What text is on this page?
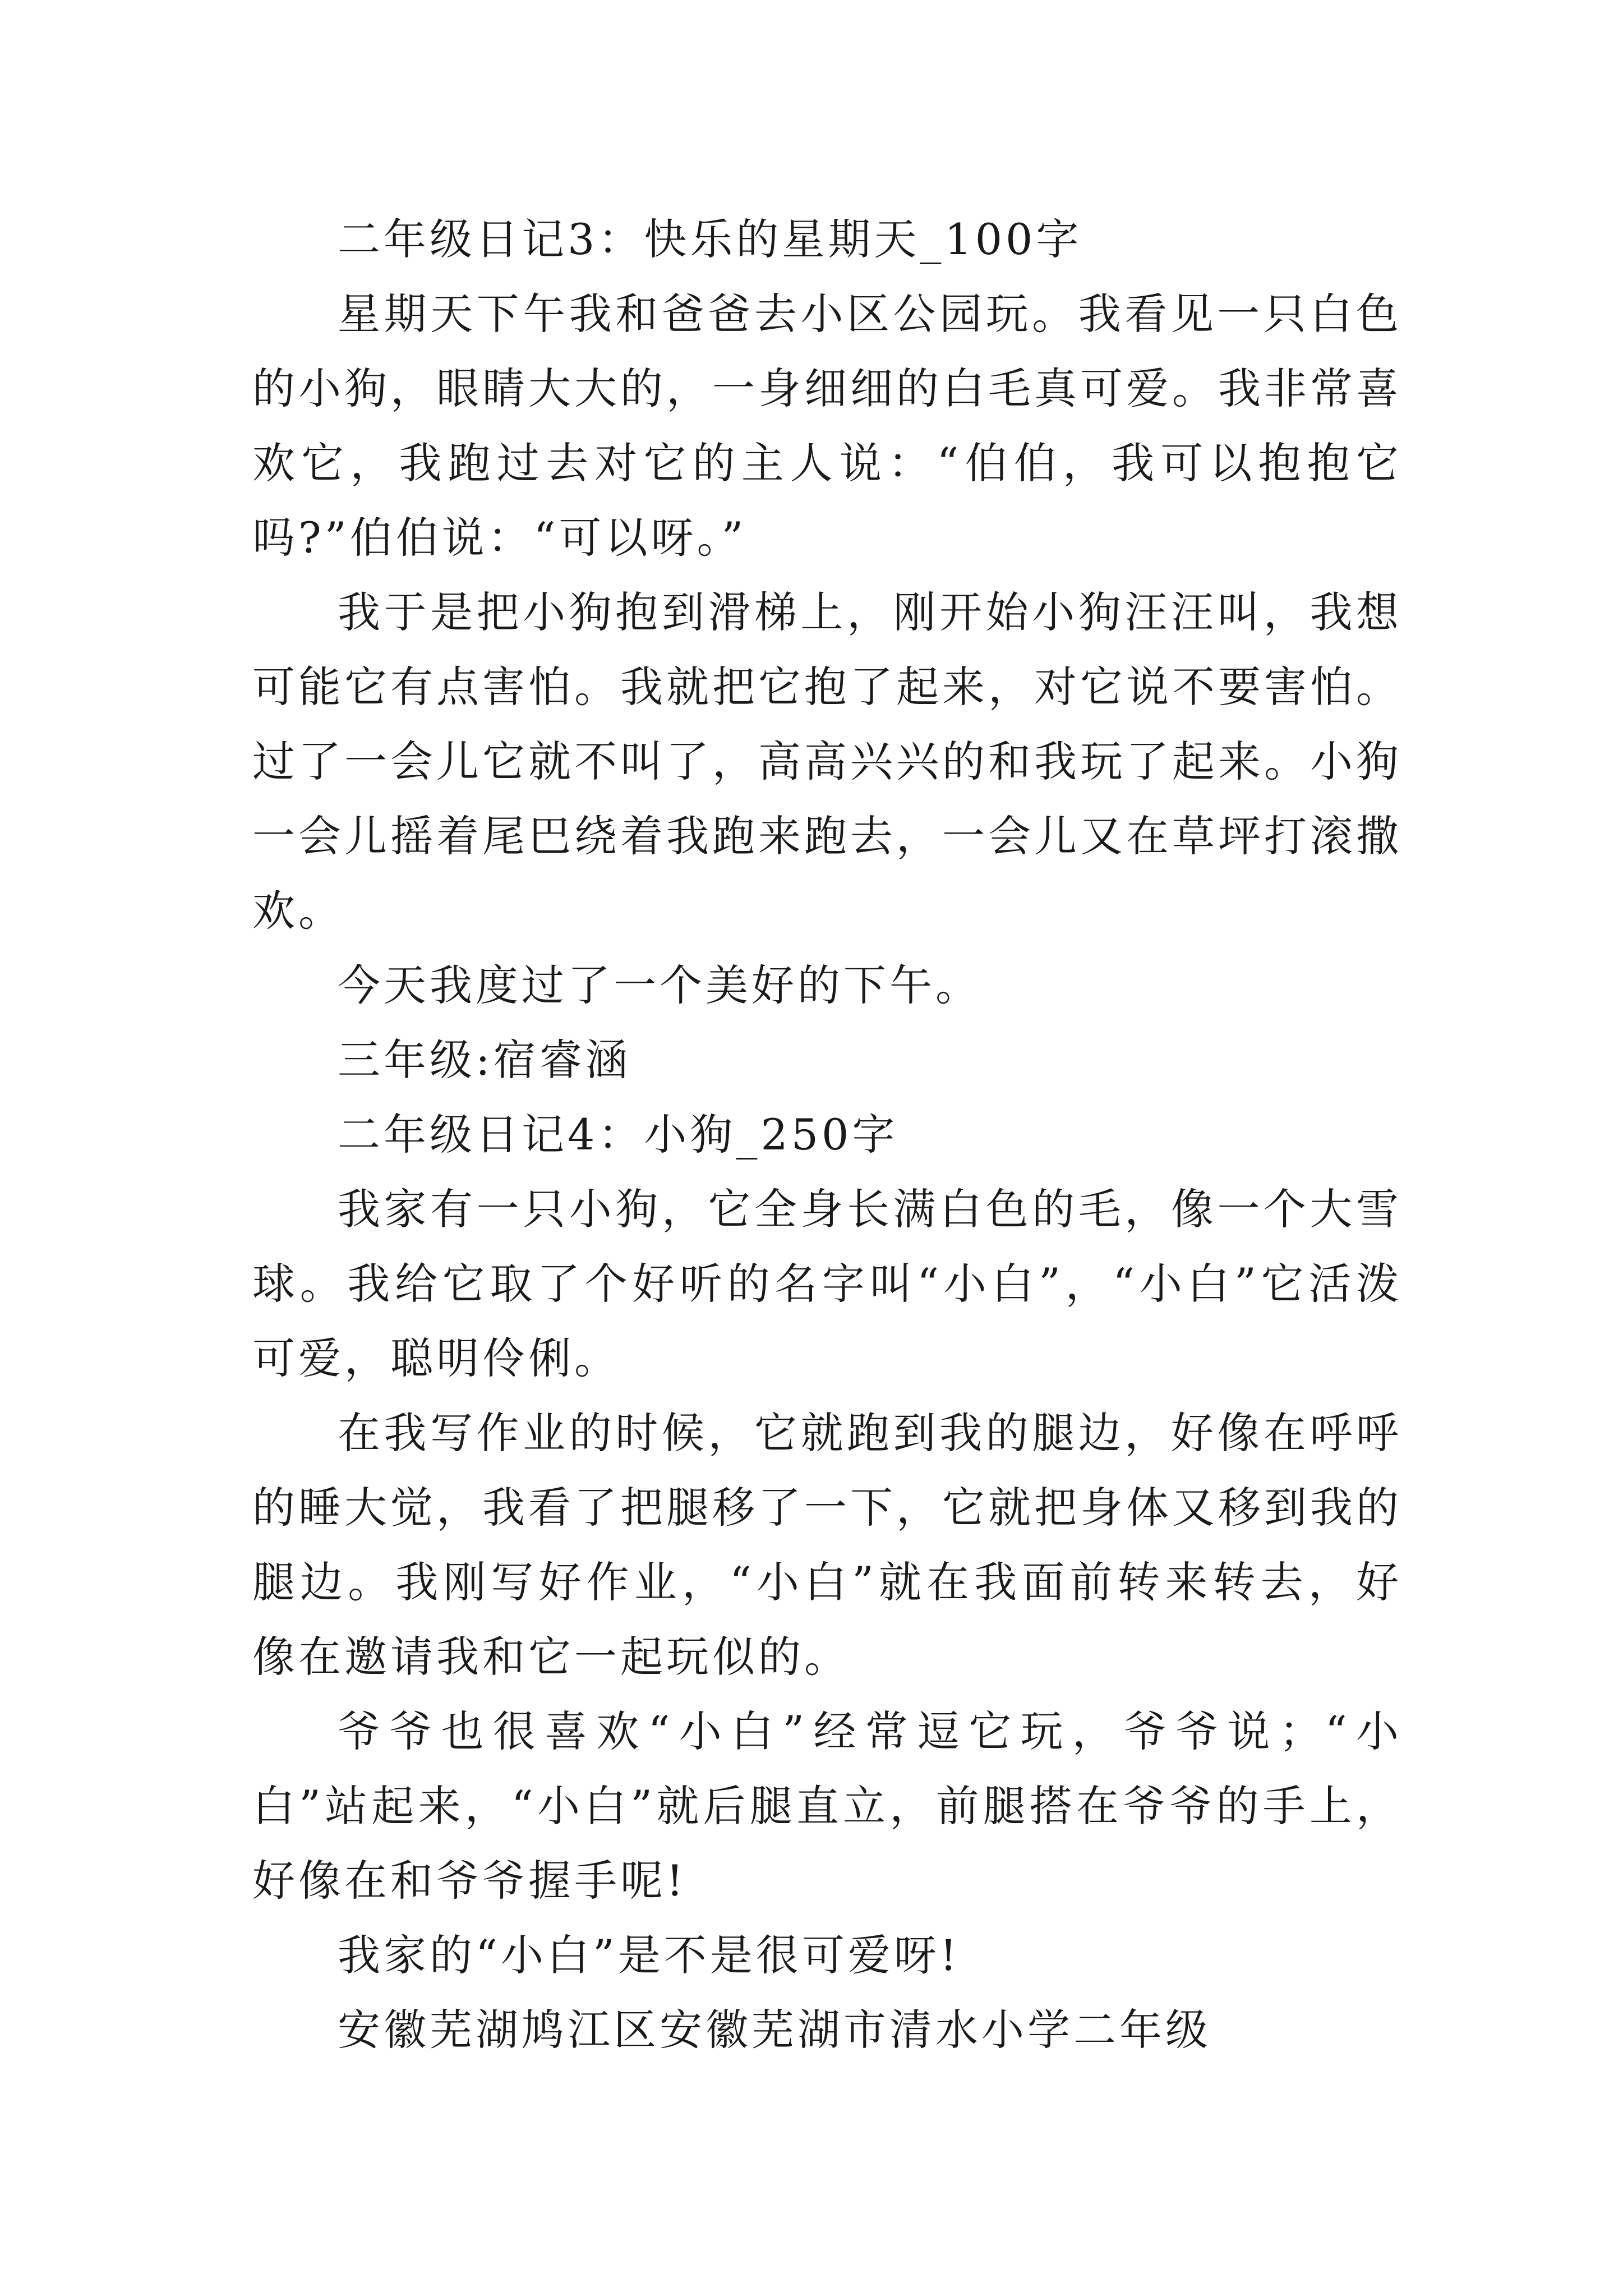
二年级日记3：快乐的星期天_100字

星期天下午我和爸爸去小区公园玩。我看见一只白色的小狗，眼睛大大的，一身细细的白毛真可爱。我非常喜欢它，我跑过去对它的主人说：“伯伯，我可以抱抱它吗?”伯伯说：“可以呀。”

我于是把小狗抱到滑梯上，刚开始小狗汪汪叫，我想可能它有点害怕。我就把它抱了起来，对它说不要害怕。过了一会儿它就不叫了，高高兴兴的和我玩了起来。小狗一会儿摇着尾巴绕着我跑来跑去，一会儿又在草坪打滚撒欢。

今天我度过了一个美好的下午。

三年级:宿睿涵

二年级日记4：小狗_250字

我家有一只小狗，它全身长满白色的毛，像一个大雪球。我给它取了个好听的名字叫“小白”，“小白”它活泼可爱，聪明伶俐。

在我写作业的时候，它就跑到我的腿边，好像在呼呼的睡大觉，我看了把腿移了一下，它就把身体又移到我的腿边。我刚写好作业，“小白”就在我面前转来转去，好像在邀请我和它一起玩似的。

爷爷也很喜欢“小白”经常逗它玩，爷爷说；“小白”站起来，“小白”就后腿直立，前腿搭在爷爷的手上，好像在和爷爷握手呢!

我家的“小白”是不是很可爱呀!

安徽芜湖鸠江区安徽芜湖市清水小学二年级
